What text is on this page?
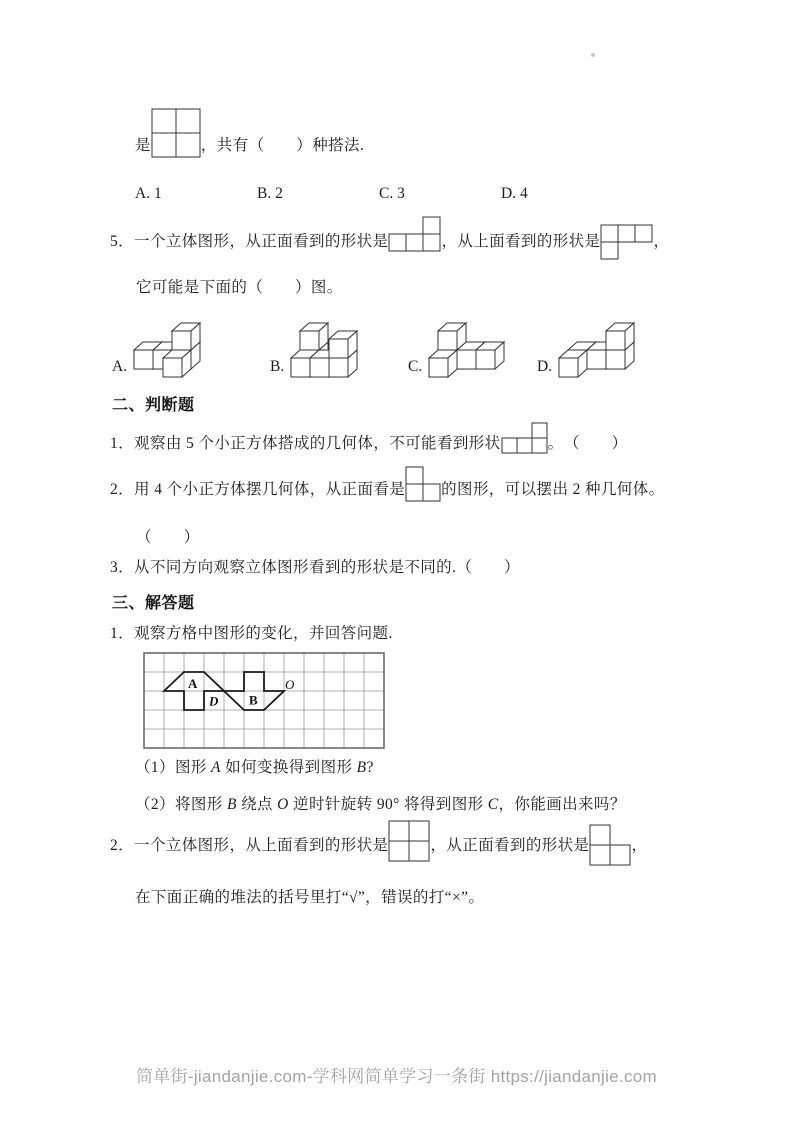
是	，共有（　　）种搭法.
A. 1	B. 2	C. 3	D. 4
5．一个立体图形，从正面看到的形状是	，从上面看到的形状是	，
它可能是下面的（　　）图。
A.	B.	C.	D.
二、判断题
1．观察由 5 个小正方体搭成的几何体，不可能看到形状	。　（　　）
2．用 4 个小正方体摆几何体，从正面看是 的图形，可以摆出 2 种几何体。
（　　）
3．从不同方向观察立体图形看到的形状是不同的.（　　）
三、解答题
1．观察方格中图形的变化，并回答问题.
A
D B
O
（1）图形 A 如何变换得到图形 B?
（2）将图形 B 绕点 O 逆时针旋转 90° 将得到图形 C，你能画出来吗？
2．一个立体图形，从上面看到的形状是	，从正面看到的形状是	，
在下面正确的堆法的括号里打“√”，错误的打“×”。
简单街-jiandanjie.com-学科网简单学习一条街 https://jiandanjie.com
